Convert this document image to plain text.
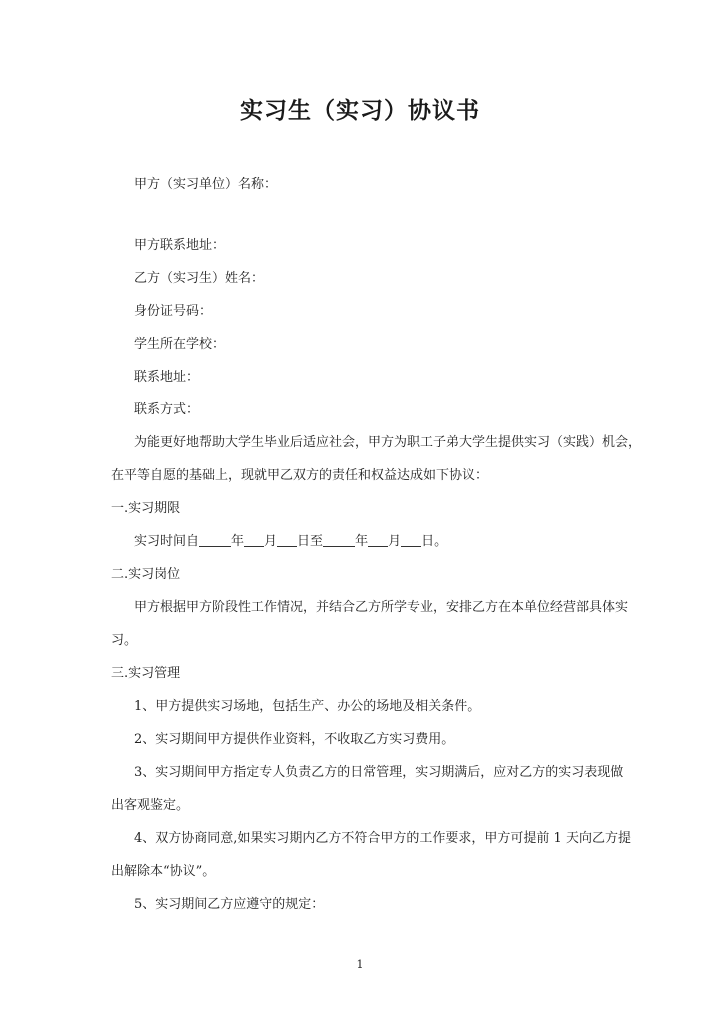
实习生（实习）协议书
甲方（实习单位）名称：
甲方联系地址：
乙方（实习生）姓名：
身份证号码：
学生所在学校：
联系地址：
联系方式：
为能更好地帮助大学生毕业后适应社会，甲方为职工子弟大学生提供实习（实践）机会，
在平等自愿的基础上，现就甲乙双方的责任和权益达成如下协议：
一.实习期限
实习时间自 年 月 日至 年 月 日。
二.实习岗位
甲方根据甲方阶段性工作情况，并结合乙方所学专业，安排乙方在本单位经营部具体实
习。
三.实习管理
1、甲方提供实习场地，包括生产、办公的场地及相关条件。
2、实习期间甲方提供作业资料，不收取乙方实习费用。
3、实习期间甲方指定专人负责乙方的日常管理，实习期满后，应对乙方的实习表现做
出客观鉴定。
4、双方协商同意,如果实习期内乙方不符合甲方的工作要求，甲方可提前 1 天向乙方提
出解除本“协议”。
5、实习期间乙方应遵守的规定：
1
